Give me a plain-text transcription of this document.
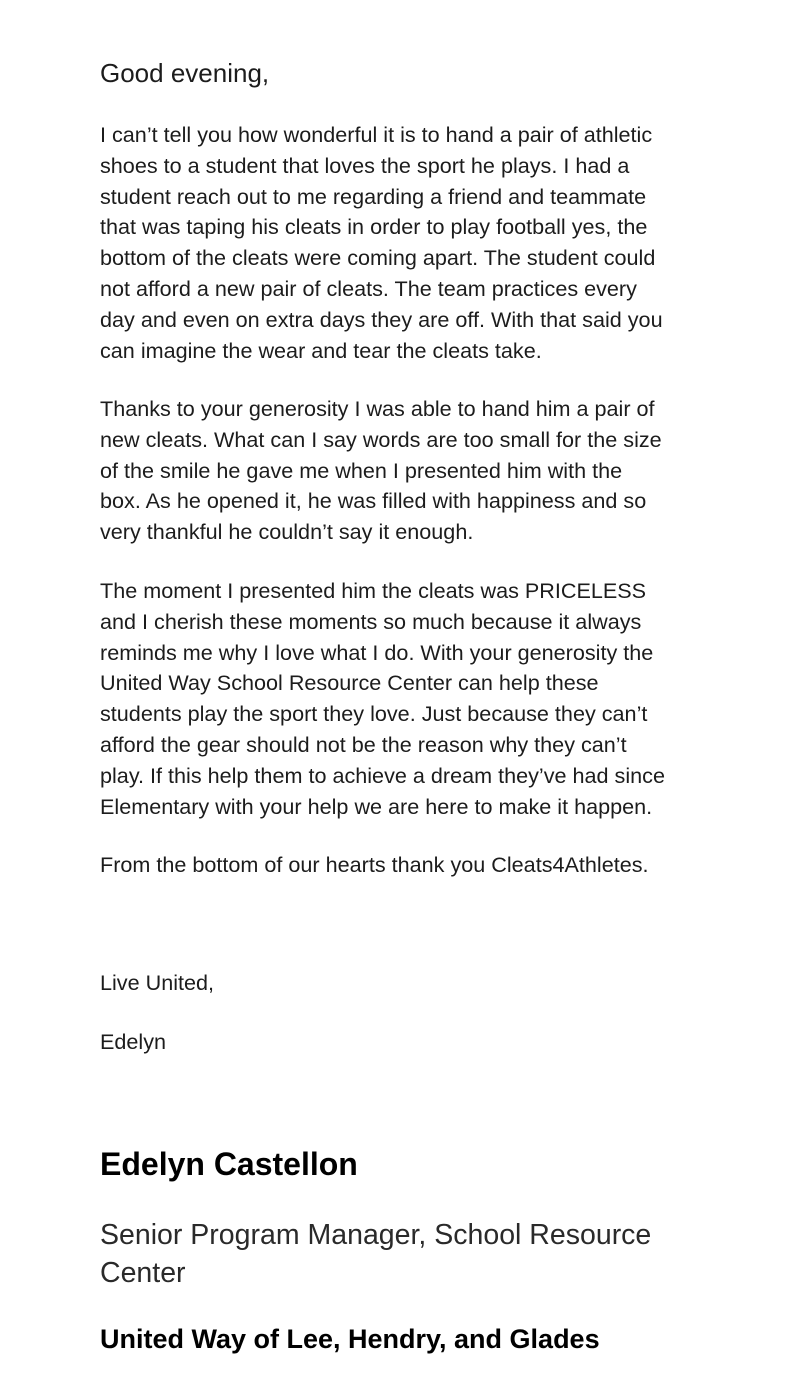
Good evening,

I can’t tell you how wonderful it is to hand a pair of athletic
shoes to a student that loves the sport he plays. I had a
student reach out to me regarding a friend and teammate
that was taping his cleats in order to play football yes, the
bottom of the cleats were coming apart. The student could
not afford a new pair of cleats. The team practices every
day and even on extra days they are off. With that said you
can imagine the wear and tear the cleats take.

Thanks to your generosity I was able to hand him a pair of
new cleats. What can I say words are too small for the size
of the smile he gave me when I presented him with the
box. As he opened it, he was filled with happiness and so
very thankful he couldn’t say it enough.

The moment I presented him the cleats was PRICELESS
and I cherish these moments so much because it always
reminds me why I love what I do. With your generosity the
United Way School Resource Center can help these
students play the sport they love. Just because they can’t
afford the gear should not be the reason why they can’t
play. If this help them to achieve a dream they’ve had since
Elementary with your help we are here to make it happen.

From the bottom of our hearts thank you Cleats4Athletes.

Live United,
Edelyn
Edelyn Castellon
Senior Program Manager, School Resource Center
United Way of Lee, Hendry, and Glades
